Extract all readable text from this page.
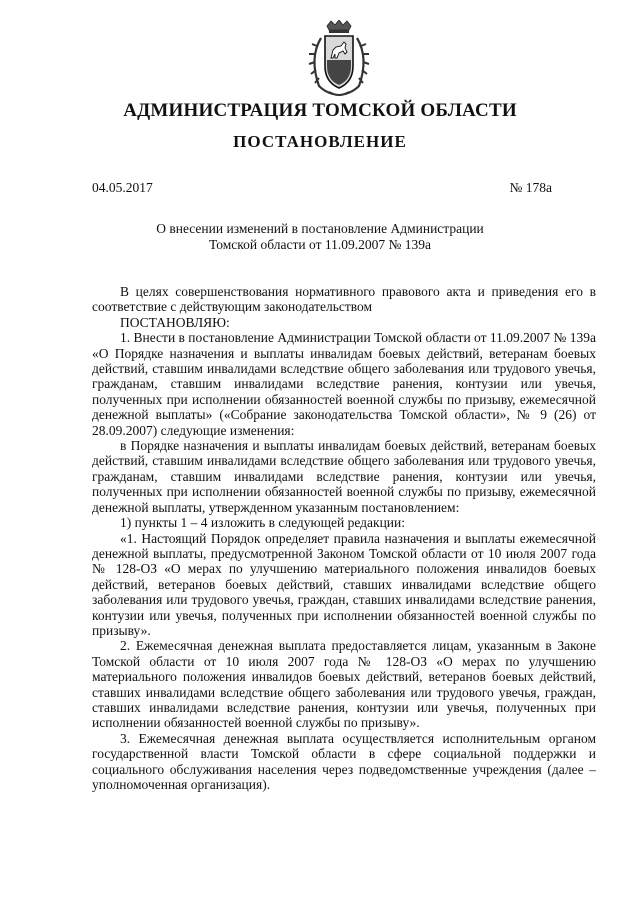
АДМИНИСТРАЦИЯ ТОМСКОЙ ОБЛАСТИ
ПОСТАНОВЛЕНИЕ
04.05.2017	№ 178а
О внесении изменений в постановление Администрации
Томской области от 11.09.2007 № 139а

В целях совершенствования нормативного правового акта и приведения его в соответствие с действующим законодательством

ПОСТАНОВЛЯЮ:

1. Внести в постановление Администрации Томской области от 11.09.2007 № 139а «О Порядке назначения и выплаты инвалидам боевых действий, ветеранам боевых действий, ставшим инвалидами вследствие общего заболевания или трудового увечья, гражданам, ставшим инвалидами вследствие ранения, контузии или увечья, полученных при исполнении обязанностей военной службы по призыву, ежемесячной денежной выплаты» («Собрание законодательства Томской области», № 9 (26) от 28.09.2007) следующие изменения:

в Порядке назначения и выплаты инвалидам боевых действий, ветеранам боевых действий, ставшим инвалидами вследствие общего заболевания или трудового увечья, гражданам, ставшим инвалидами вследствие ранения, контузии или увечья, полученных при исполнении обязанностей военной службы по призыву, ежемесячной денежной выплаты, утвержденном указанным постановлением:

1) пункты 1 – 4 изложить в следующей редакции:

«1. Настоящий Порядок определяет правила назначения и выплаты ежемесячной денежной выплаты, предусмотренной Законом Томской области от 10 июля 2007 года № 128-ОЗ «О мерах по улучшению материального положения инвалидов боевых действий, ветеранов боевых действий, ставших инвалидами вследствие общего заболевания или трудового увечья, граждан, ставших инвалидами вследствие ранения, контузии или увечья, полученных при исполнении обязанностей военной службы по призыву».

2. Ежемесячная денежная выплата предоставляется лицам, указанным в Законе Томской области от 10 июля 2007 года № 128-ОЗ «О мерах по улучшению материального положения инвалидов боевых действий, ветеранов боевых действий, ставших инвалидами вследствие общего заболевания или трудового увечья, граждан, ставших инвалидами вследствие ранения, контузии или увечья, полученных при исполнении обязанностей военной службы по призыву».

3. Ежемесячная денежная выплата осуществляется исполнительным органом государственной власти Томской области в сфере социальной поддержки и социального обслуживания населения через подведомственные учреждения (далее – уполномоченная организация).
